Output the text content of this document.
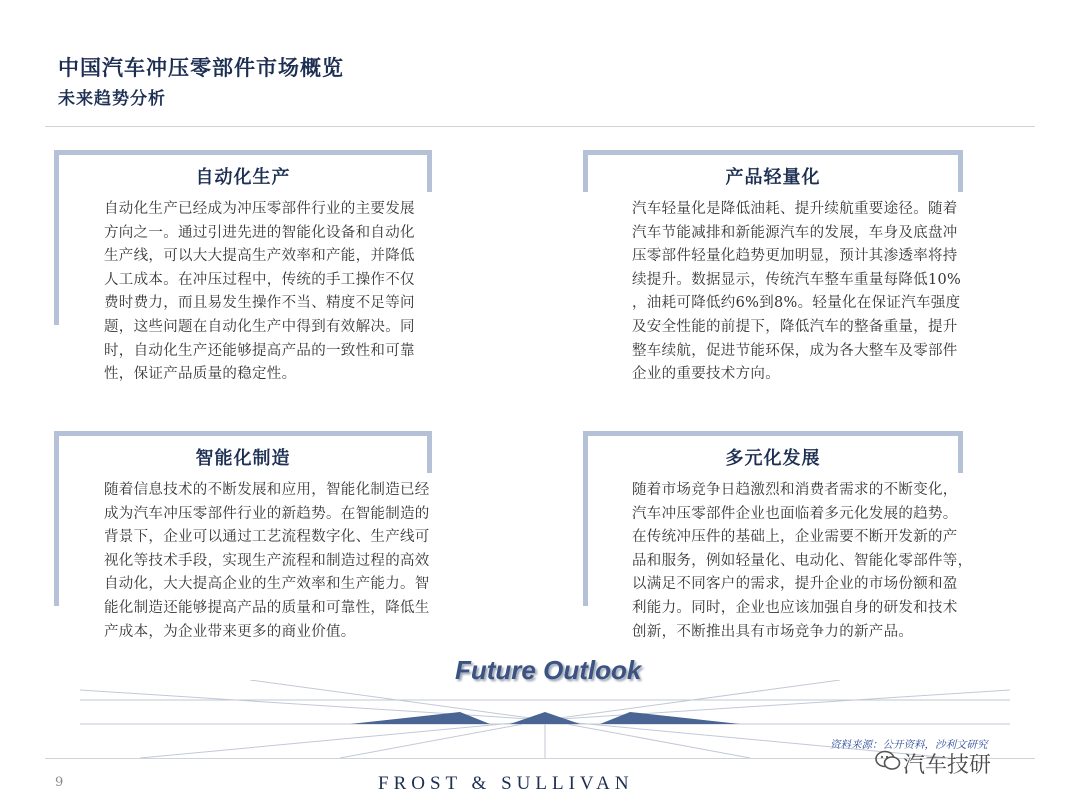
中国汽车冲压零部件市场概览
未来趋势分析
自动化生产
自动化生产已经成为冲压零部件行业的主要发展
方向之一。通过引进先进的智能化设备和自动化
生产线，可以大大提高生产效率和产能，并降低
人工成本。在冲压过程中，传统的手工操作不仅
费时费力，而且易发生操作不当、精度不足等问
题，这些问题在自动化生产中得到有效解决。同
时，自动化生产还能够提高产品的一致性和可靠
性，保证产品质量的稳定性。
产品轻量化
汽车轻量化是降低油耗、提升续航重要途径。随着
汽车节能减排和新能源汽车的发展，车身及底盘冲
压零部件轻量化趋势更加明显，预计其渗透率将持
续提升。数据显示，传统汽车整车重量每降低10%
，油耗可降低约6%到8%。轻量化在保证汽车强度
及安全性能的前提下，降低汽车的整备重量，提升
整车续航，促进节能环保，成为各大整车及零部件
企业的重要技术方向。
智能化制造
随着信息技术的不断发展和应用，智能化制造已经
成为汽车冲压零部件行业的新趋势。在智能制造的
背景下，企业可以通过工艺流程数字化、生产线可
视化等技术手段，实现生产流程和制造过程的高效
自动化，大大提高企业的生产效率和生产能力。智
能化制造还能够提高产品的质量和可靠性，降低生
产成本，为企业带来更多的商业价值。
多元化发展
随着市场竞争日趋激烈和消费者需求的不断变化，
汽车冲压零部件企业也面临着多元化发展的趋势。
在传统冲压件的基础上，企业需要不断开发新的产
品和服务，例如轻量化、电动化、智能化零部件等，
以满足不同客户的需求，提升企业的市场份额和盈
利能力。同时，企业也应该加强自身的研发和技术
创新，不断推出具有市场竞争力的新产品。
Future Outlook
资料来源：公开资料，沙利文研究
9	FROST & SULLIVAN
汽车技研
